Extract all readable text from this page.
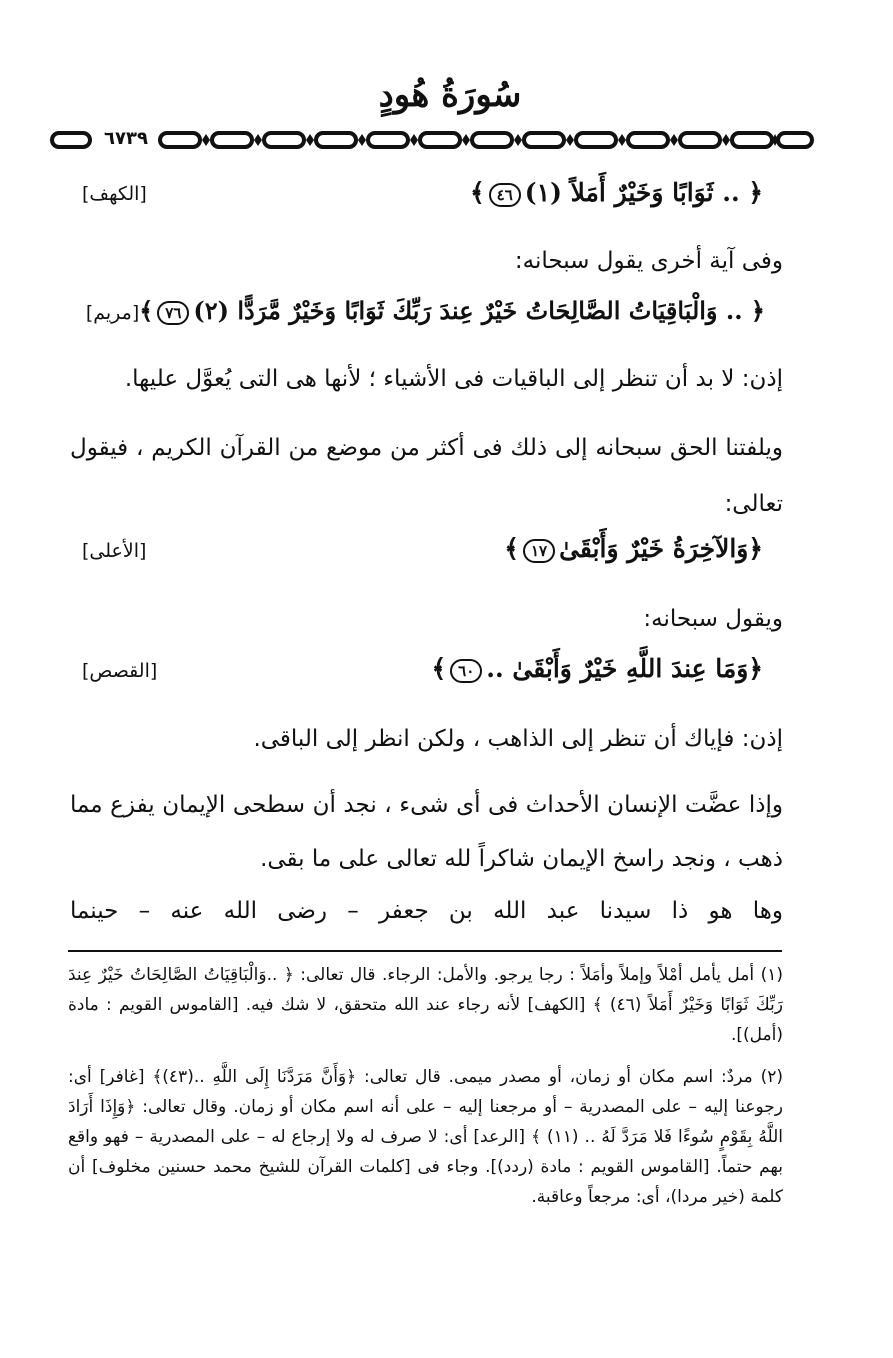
سُورَةُ هُودٍ
٦٧٣٩
﴿ .. ثَوَابًا وَخَيْرٌ أَمَلاً (١)٤٦﴾
[الكهف]
وفى آية أخرى يقول سبحانه:
﴿ .. وَالْبَاقِيَاتُ الصَّالِحَاتُ خَيْرٌ عِندَ رَبِّكَ ثَوَابًا وَخَيْرٌ مَّرَدًّا (٢)٧٦﴾[مريم]
إذن: لا بد أن تنظر إلى الباقيات فى الأشياء ؛ لأنها هى التى يُعوَّل عليها.
ويلفتنا الحق سبحانه إلى ذلك فى أكثر من موضع من القرآن الكريم ، فيقول تعالى:
﴿وَالآخِرَةُ خَيْرٌ وَأَبْقَىٰ١٧﴾
[الأعلى]
ويقول سبحانه:
﴿وَمَا عِندَ اللَّهِ خَيْرٌ وَأَبْقَىٰ ..٦٠﴾
[القصص]
إذن: فإياك أن تنظر إلى الذاهب ، ولكن انظر إلى الباقى.
وإذا عضَّت الإنسان الأحداث فى أى شىء ، نجد أن سطحى الإيمان يفزع مما ذهب ، ونجد راسخ الإيمان شاكراً لله تعالى على ما بقى.
وها هو ذا سيدنا عبد الله بن جعفر – رضى الله عنه – حينما
(١) أمل يأمل أمْلاً وإملاً وأمَلاً : رجا يرجو. والأمل: الرجاء. قال تعالى: ﴿ ..وَالْبَاقِيَاتُ الصَّالِحَاتُ خَيْرٌ عِندَ رَبِّكَ ثَوَابًا وَخَيْرٌ أَمَلاً (٤٦) ﴾ [الكهف] لأنه رجاء عند الله متحقق، لا شك فيه. [القاموس القويم : مادة (أمل)].
(٢) مردٌ: اسم مكان أو زمان، أو مصدر ميمى. قال تعالى: ﴿وَأَنَّ مَرَدَّنَا إِلَى اللَّهِ ..(٤٣)﴾ [غافر] أى: رجوعنا إليه – على المصدرية – أو مرجعنا إليه – على أنه اسم مكان أو زمان. وقال تعالى: ﴿وَإِذَا أَرَادَ اللَّهُ بِقَوْمٍ سُوءًا فَلا مَرَدَّ لَهُ .. (١١) ﴾ [الرعد] أى: لا صرف له ولا إرجاع له – على المصدرية – فهو واقع بهم حتماً. [القاموس القويم : مادة (ردد)]. وجاء فى [كلمات القرآن للشيخ محمد حسنين مخلوف] أن كلمة (خير مردا)، أى: مرجعاً وعاقبة.
